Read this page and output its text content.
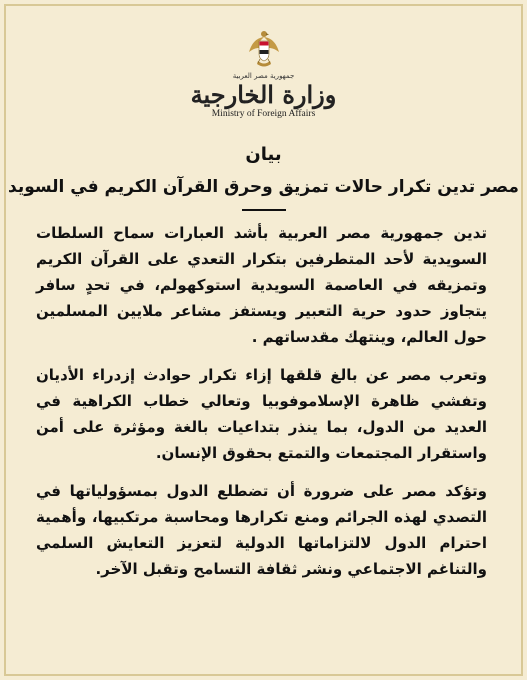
جمهورية مصر العربية
وزارة الخارجية
Ministry of Foreign Affairs
بيان
مصر تدين تكرار حالات تمزيق وحرق القرآن الكريم في السويد

تدين جمهورية مصر العربية بأشد العبارات سماح السلطات السويدية لأحد المتطرفين بتكرار التعدي على القرآن الكريم وتمزيقه في العاصمة السويدية استوكهولم، في تحدٍ سافر يتجاوز حدود حرية التعبير ويستفز مشاعر ملايين المسلمين حول العالم، وينتهك مقدساتهم .

وتعرب مصر عن بالغ قلقها إزاء تكرار حوادث إزدراء الأديان وتفشي ظاهرة الإسلاموفوبيا وتعالي خطاب الكراهية في العديد من الدول، بما ينذر بتداعيات بالغة ومؤثرة على أمن واستقرار المجتمعات والتمتع بحقوق الإنسان.

وتؤكد مصر على ضرورة أن تضطلع الدول بمسؤولياتها في التصدي لهذه الجرائم ومنع تكرارها ومحاسبة مرتكبيها، وأهمية احترام الدول لالتزاماتها الدولية لتعزيز التعايش السلمي والتناغم الاجتماعي ونشر ثقافة التسامح وتقبل الآخر.
